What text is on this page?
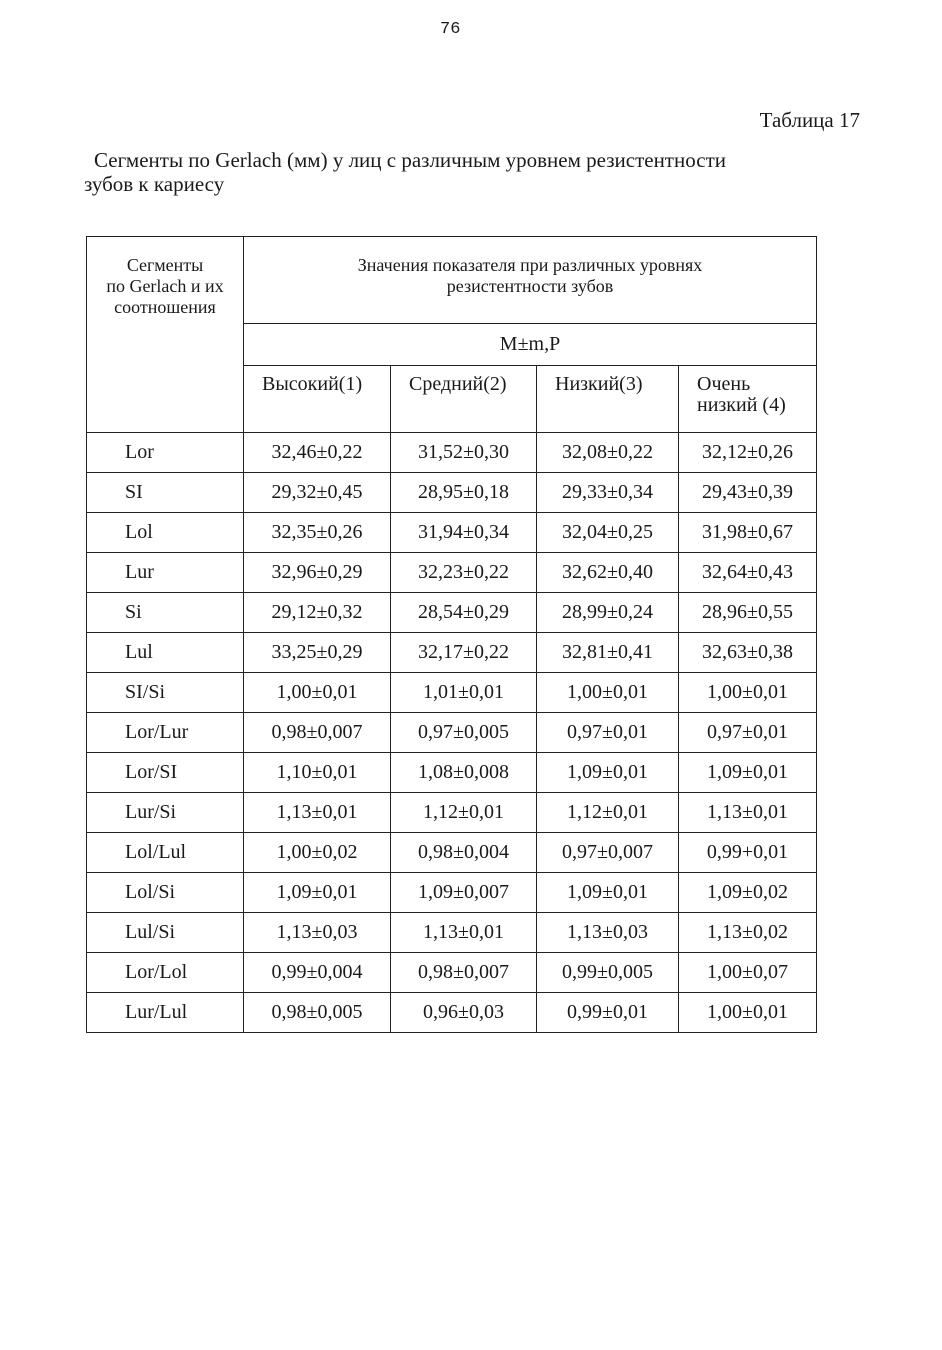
76
Таблица 17
Сегменты по Gerlach (мм) у лиц с различным уровнем резистентности
зубов к кариесу
Сегменты
по Gerlach и их
соотношения	Значения показателя при различных уровнях
резистентности зубов			

	M±m,P			

	Высокий(1)	Средний(2)	Низкий(3)	Очень
низкий (4)

Lor	32,46±0,22	31,52±0,30	32,08±0,22	32,12±0,26
SI	29,32±0,45	28,95±0,18	29,33±0,34	29,43±0,39
Lol	32,35±0,26	31,94±0,34	32,04±0,25	31,98±0,67
Lur	32,96±0,29	32,23±0,22	32,62±0,40	32,64±0,43
Si	29,12±0,32	28,54±0,29	28,99±0,24	28,96±0,55
Lul	33,25±0,29	32,17±0,22	32,81±0,41	32,63±0,38
SI/Si	1,00±0,01	1,01±0,01	1,00±0,01	1,00±0,01
Lor/Lur	0,98±0,007	0,97±0,005	0,97±0,01	0,97±0,01
Lor/SI	1,10±0,01	1,08±0,008	1,09±0,01	1,09±0,01
Lur/Si	1,13±0,01	1,12±0,01	1,12±0,01	1,13±0,01
Lol/Lul	1,00±0,02	0,98±0,004	0,97±0,007	0,99+0,01
Lol/Si	1,09±0,01	1,09±0,007	1,09±0,01	1,09±0,02
Lul/Si	1,13±0,03	1,13±0,01	1,13±0,03	1,13±0,02
Lor/Lol	0,99±0,004	0,98±0,007	0,99±0,005	1,00±0,07
Lur/Lul	0,98±0,005	0,96±0,03	0,99±0,01	1,00±0,01
